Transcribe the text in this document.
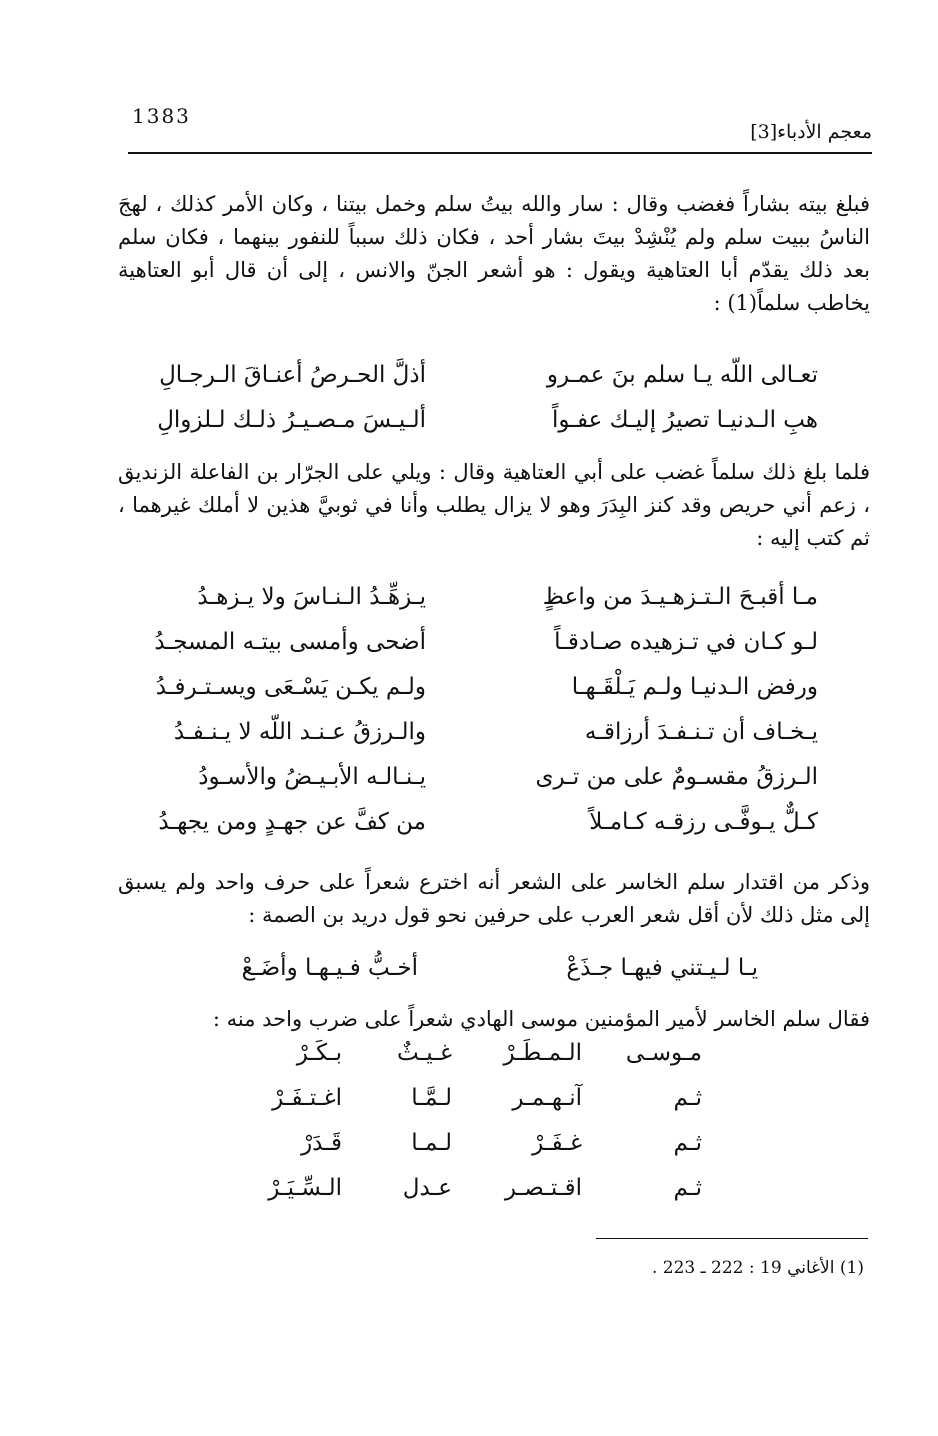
1383
معجم الأدباء[3]
فبلغ بيته بشاراً فغضب وقال : سار والله بيتُ سلم وخمل بيتنا ، وكان الأمر كذلك ، لهجَ الناسُ ببيت سلم ولم يُنْشِدْ بيتَ بشار أحد ، فكان ذلك سبباً للنفور بينهما ، فكان سلم بعد ذلك يقدّم أبا العتاهية ويقول : هو أشعر الجنّ والانس ، إلى أن قال أبو العتاهية يخاطب سلماً(1) :
تعـالى اللّه يـا سلم بنَ عمـرو
أذلَّ الحـرصُ أعنـاقَ الـرجـالِ
هبِ الـدنيـا تصيرُ إليـك عفـواً
ألـيـسَ مـصـيـرُ ذلـك لـلزوالِ
فلما بلغ ذلك سلماً غضب على أبي العتاهية وقال : ويلي على الجرّار بن الفاعلة الزنديق ، زعم أني حريص وقد كنز البِدَرَ وهو لا يزال يطلب وأنا في ثوبيَّ هذين لا أملك غيرهما ، ثم كتب إليه :
مـا أقبـحَ الـتـزهـيـدَ من واعظٍ
يـزهِّـدُ الـنـاسَ ولا يـزهـدُ
لـو كـان في تـزهيده صـادقـاً
أضحى وأمسى بيتـه المسجـدُ
ورفض الـدنيـا ولـم يَـلْقَـهـا
ولـم يكـن يَسْـعَى ويسـتـرفـدُ
يـخـاف أن تـنـفـدَ أرزاقـه
والـرزقُ عـنـد اللّه لا يـنـفـدُ
الـرزقُ مقسـومٌ على من تـرى
يـنـالـه الأبـيـضُ والأسـودُ
كـلٌّ يـوفَّـى رزقـه كـامـلاً
من كفَّ عن جهـدٍ ومن يجهـدُ
وذكر من اقتدار سلم الخاسر على الشعر أنه اخترع شعراً على حرف واحد ولم يسبق إلى مثل ذلك لأن أقل شعر العرب على حرفين نحو قول دريد بن الصمة :
يـا لـيـتني فيهـا جـذَعْ
أخـبُّ فـيـهـا وأضَـعْ
فقال سلم الخاسر لأمير المؤمنين موسى الهادي شعراً على ضرب واحد منه :
مـوسـى
الـمـطَـرْ
غـيـثٌ
بـكَـرْ
ثـم
آنـهـمـر
لـمَّـا
اغـتـفَـرْ
ثـم
غـفَـرْ
لـمـا
قَـدَرْ
ثـم
اقـتـصـر
عـدل
الـسِّـيَـرْ
(1) الأغاني 19 : 222 ـ 223 .
